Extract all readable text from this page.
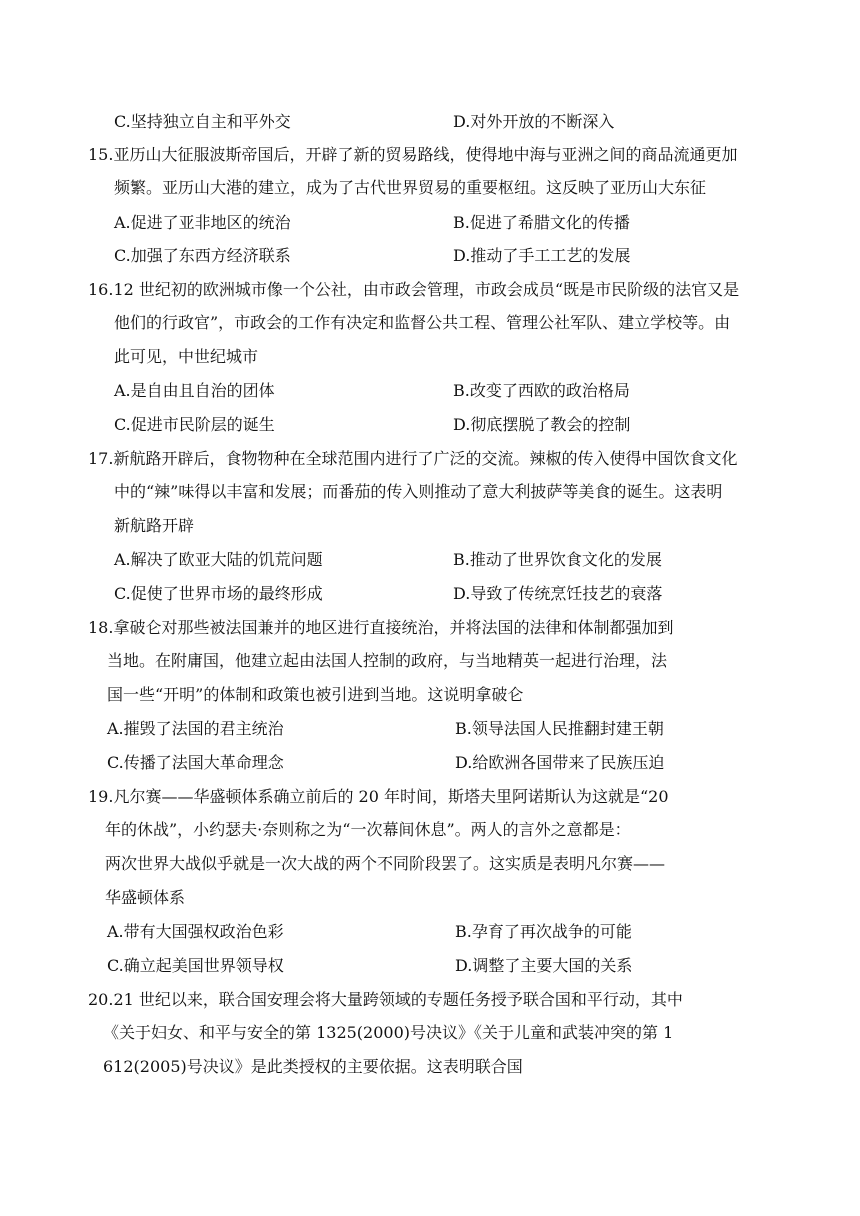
C.坚持独立自主和平外交	D.对外开放的不断深入
15.亚历山大征服波斯帝国后，开辟了新的贸易路线，使得地中海与亚洲之间的商品流通更加
频繁。亚历山大港的建立，成为了古代世界贸易的重要枢纽。这反映了亚历山大东征
A.促进了亚非地区的统治	B.促进了希腊文化的传播
C.加强了东西方经济联系	D.推动了手工工艺的发展
16.12 世纪初的欧洲城市像一个公社，由市政会管理，市政会成员“既是市民阶级的法官又是
他们的行政官”，市政会的工作有决定和监督公共工程、管理公社军队、建立学校等。由
此可见，中世纪城市
A.是自由且自治的团体	B.改变了西欧的政治格局
C.促进市民阶层的诞生	D.彻底摆脱了教会的控制
17.新航路开辟后，食物物种在全球范围内进行了广泛的交流。辣椒的传入使得中国饮食文化
中的“辣”味得以丰富和发展；而番茄的传入则推动了意大利披萨等美食的诞生。这表明
新航路开辟
A.解决了欧亚大陆的饥荒问题	B.推动了世界饮食文化的发展
C.促使了世界市场的最终形成	D.导致了传统烹饪技艺的衰落
18.拿破仑对那些被法国兼并的地区进行直接统治，并将法国的法律和体制都强加到
当地。在附庸国，他建立起由法国人控制的政府，与当地精英一起进行治理，法
国一些“开明”的体制和政策也被引进到当地。这说明拿破仑
A.摧毁了法国的君主统治	B.领导法国人民推翻封建王朝
C.传播了法国大革命理念	D.给欧洲各国带来了民族压迫
19.凡尔赛——华盛顿体系确立前后的 20 年时间，斯塔夫里阿诺斯认为这就是“20
年的休战”，小约瑟夫·奈则称之为“一次幕间休息”。两人的言外之意都是：
两次世界大战似乎就是一次大战的两个不同阶段罢了。这实质是表明凡尔赛——
华盛顿体系
A.带有大国强权政治色彩	B.孕育了再次战争的可能
C.确立起美国世界领导权	D.调整了主要大国的关系
20.21 世纪以来，联合国安理会将大量跨领域的专题任务授予联合国和平行动，其中
《关于妇女、和平与安全的第 1325(2000)号决议》《关于儿童和武装冲突的第 1
612(2005)号决议》是此类授权的主要依据。这表明联合国
